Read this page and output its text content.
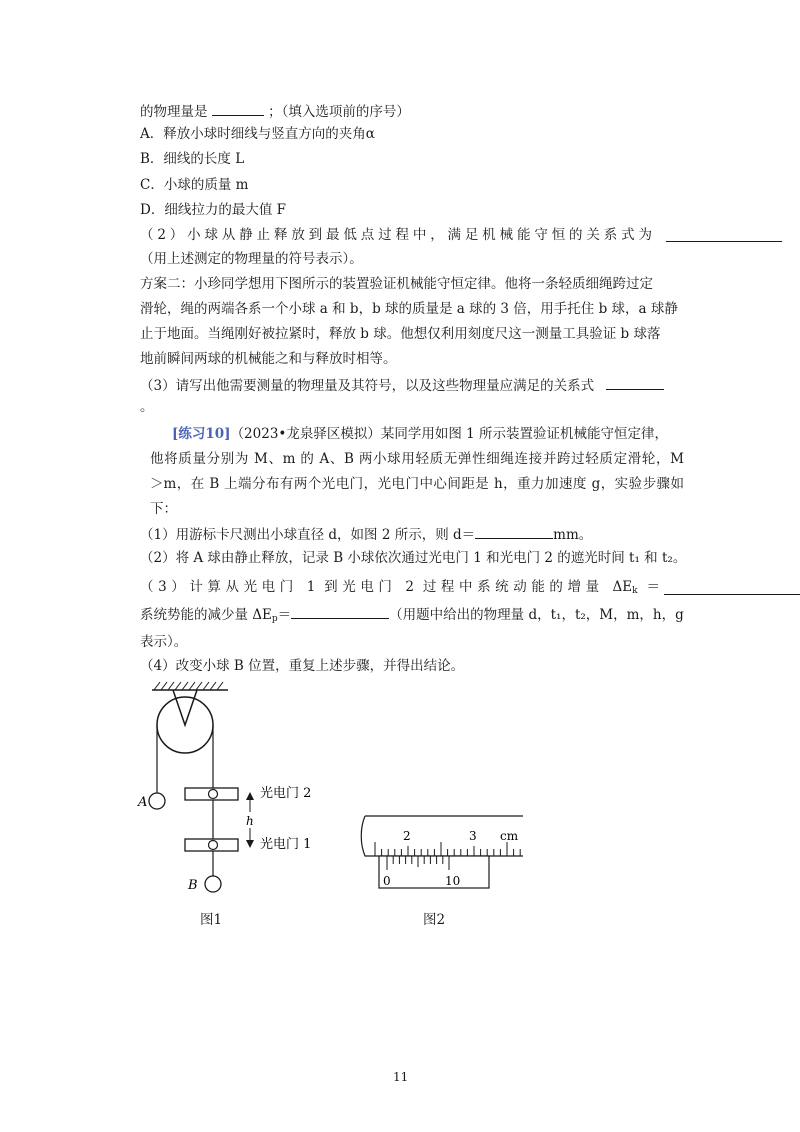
的物理量是	；（填入选项前的序号）
A．释放小球时细线与竖直方向的夹角α
B．细线的长度 L
C．小球的质量 m
D．细线拉力的最大值 F
（2）小球从静止释放到最低点过程中，满足机械能守恒的关系式为
（用上述测定的物理量的符号表示）。
方案二：小珍同学想用下图所示的装置验证机械能守恒定律。他将一条轻质细绳跨过定
滑轮，绳的两端各系一个小球 a 和 b，b 球的质量是 a 球的 3 倍，用手托住 b 球，a 球静
止于地面。当绳刚好被拉紧时，释放 b 球。他想仅利用刻度尺这一测量工具验证 b 球落
地前瞬间两球的机械能之和与释放时相等。
（3）请写出他需要测量的物理量及其符号，以及这些物理量应满足的关系式
。
[练习10]（2023•龙泉驿区模拟）某同学用如图 1 所示装置验证机械能守恒定律，
他将质量分别为 M、m 的 A、B 两小球用轻质无弹性细绳连接并跨过轻质定滑轮，M
＞m，在 B 上端分布有两个光电门，光电门中心间距是 h，重力加速度 g，实验步骤如
下：
（1）用游标卡尺测出小球直径 d，如图 2 所示，则 d＝	mm。
（2）将 A 球由静止释放，记录 B 小球依次通过光电门 1 和光电门 2 的遮光时间 t₁ 和 t₂。
（3）计算从光电门 1 到光电门 2 过程中系统动能的增量 $\Delta E_k$ ＝
系统势能的减少量 $\Delta E_p=$	（用题中给出的物理量 d，t₁，t₂，M，m，h，g
表示）。
（4）改变小球 B 位置，重复上述步骤，并得出结论。
A
h
光电门 2
光电门 1
B
图1
2	3 cm
0	10
图2
11
